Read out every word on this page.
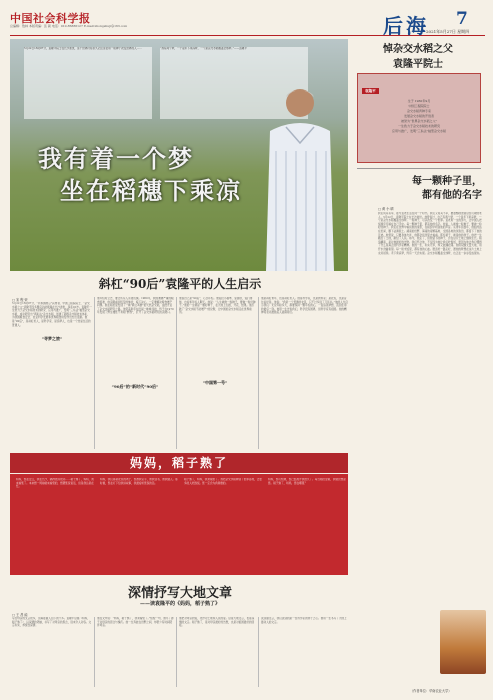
中国社会科学报
总编辑：敖林 本版责编：张 颖 电话：010-85886127 E-mail:zhongshuji@163.com	后海 7
2021年5月27日 星期四
5月22日13时07分，袁隆平院士在长沙逝世，这个世界仍将永久记住这位用一粒种子改变世界的人……	“我有两个梦，一个是禾下乘凉梦，一个是杂交水稻覆盖全球梦。”——袁隆平
我有着一个梦
坐在稻穗下乘凉
悼杂交水稻之父
袁隆平院士
袁隆平
生于 1930年9月
中国工程院院士
杂交水稻育种专家
发展杂交水稻的开创者
被誉为“世界杂交水稻之父”
一生致力于杂交水稻技术的研究
应用与推广，发明“三系法”籼型杂交水稻
每一颗种子里，
都有他的名字
□ 黄 小 晴
我们何其有幸，能与袁老生活在同一个时代。我们又何其不幸，要遗憾地送别这位可敬的老人。5月22日，袁隆平院士在长沙逝世。他曾说过，自己有两个梦，一个是禾下乘凉梦，一个是杂交水稻覆盖全球梦。一粒种子，可以改变一个世界。袁老用一生的努力，让中国人把饭碗牢牢端在自己手中。每一颗种子里，都有他的名字。他说，人就像一粒种子，要做一粒好的种子。我们在田野中看到他的身影，在稻浪中听到他的声音。从青年到暮年，他始终站在田间，脚下沾满泥土。湖南的田野、海南的南繁基地、全国各地的试验田，都留下了他的足迹。他曾说，只要身体允许，他都会到田里去看看。那些稻子，就是他的孩子。他把一生献给了土地，献给了人民。如今，他走了，但他留下的种子，会在这片土地上继续生长。稻浪翻滚，是对他最好的告慰。我们怀念他，不仅因为他让我们吃饱饭，更因为他让我们懂得了什么是真正的科学家精神。他的一生，朴实无华，却又波澜壮阔。他用双脚丈量大地，用汗水浇灌希望。每一粒米饭里，都有他的心血。愿袁老一路走好，愿他的梦想在这片土地上永远延续。禾下乘凉梦，终有一天会实现。杂交水稻覆盖全球梦，也正在一步步变成现实。
斜杠“90后”袁隆平的人生启示
□ 宋 程 荣
5月22日13时07分，“共和国勋章”获得者、中国工程院院士、“杂交水稻之父”袁隆平因多器官功能衰竭在长沙逝世，享年91岁。袁隆平一生致力于杂交水稻技术的研究、应用与推广，发明“三系法”籼型杂交水稻，成功研究出“两系法”杂交水稻，创建了超级杂交稻技术体系，为我国粮食安全、农业科学发展和世界粮食供给作出杰出贡献。他是“90后”，是斜杠老人，是科学家、是追梦人，也是一个热爱生活的普通人。
“寻梦之旅”
他年轻时立志，要让所有人远离饥饿。1960年，我国遭遇严重的粮食困难，他亲眼看到饥荒的惨状，暗下决心，一定要解决粮食增产问题。他在稻田里发现了一株“鹤立鸡群”的天然杂交稻，由此开启了杂交水稻研究之路。他带着助手在田间一株株寻找，终于在1970年发现了野生雄性不育稻“野败”，打开了杂交水稻研究的突破口。
“90后”的“新时代“90后”
他说自己是“90后”，心态年轻。他爱拉小提琴，爱游泳，爱打排球，也爱和年轻人聊天。他说：“人生就像一粒种子，要做一粒好种子。”他的一生就是一颗好种子，在大地上扎根，开花，结果。他打破了“杂交水稻不能增产”的论断，让中国的杂交水稻走在世界前列。
“中国第一号”
他是斜杠青年，也是斜杠老人。他是科学家，也是教育家；是农民，也是音乐爱好者。他说：“我是一个普通的农民，只不过多读了几年书。”他的人生启示我们：无论年龄多大，都要保持一颗年轻的心，一直追逐梦想，直到生命的最后一刻。他用一生告诉我们，科学没有国界，但科学家有祖国。他的精神将永远激励后人砥砺前行。
妈妈，稻子熟了
妈妈，您在安江，我在长沙，隔得很远很远……稻子熟了，妈妈，我来看您了。本来想一周前就来看您的，想跟您说说话，但是我总是在忙。
妈妈，我们都是农民的孩子，您教我认字，教我读书，教我做人。那时候，您在灯下给我讲故事，我最爱听您说的话。
稻子熟了，妈妈，我来看您了。我把杂交水稻种到了世界各地，让更多的人吃饱饭。您一定会为我骄傲的。
妈妈，您可知道，您已经离开我很久了。每当稻田金黄，我就会想起您。稻子熟了，妈妈，您在哪里？
深情抒写大地文章
——读袁隆平的《妈妈，稻子熟了》
□ 王 昌 能
写给母亲的文章很多，但真能催人泪下的不多。袁隆平这篇《妈妈，稻子熟了》，以深情的笔触，书写了对母亲的思念，读来令人动容。文章朴实，却饱含深情。
他在文中说：“妈妈，稻子熟了，我来看您了。”短短一句，道尽了游子对母亲的思念与愧疚。他一生奔波在田野之间，却很少有时间陪伴母亲。
他把对母亲的爱，化作对土地和人民的爱。这是大地文章，也是深情的文章。稻子熟了，是对母亲最好的告慰，也是对祖国最好的回报。
读这篇文章，我们读到的是一位科学家的赤子之心。他用一生书写了大地上最动人的文章。
（作者单位：华南农业大学）
